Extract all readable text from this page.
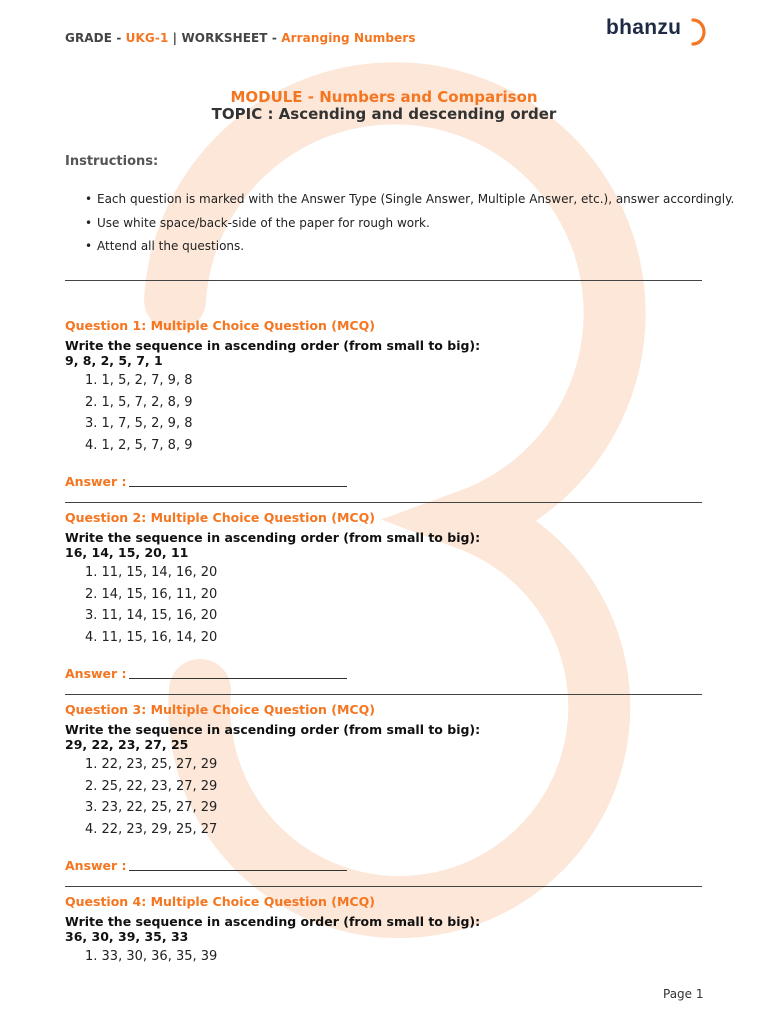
GRADE - UKG-1 | WORKSHEET - Arranging Numbers	bhanzu
MODULE - Numbers and Comparison
TOPIC : Ascending and descending order
Instructions:
• Each question is marked with the Answer Type (Single Answer, Multiple Answer, etc.), answer accordingly.
• Use white space/back-side of the paper for rough work.
• Attend all the questions.
Question 1: Multiple Choice Question (MCQ)
Write the sequence in ascending order (from small to big):
9, 8, 2, 5, 7, 1
1. 1, 5, 2, 7, 9, 8
2. 1, 5, 7, 2, 8, 9
3. 1, 7, 5, 2, 9, 8
4. 1, 2, 5, 7, 8, 9
Answer :
Question 2: Multiple Choice Question (MCQ)
Write the sequence in ascending order (from small to big):
16, 14, 15, 20, 11
1. 11, 15, 14, 16, 20
2. 14, 15, 16, 11, 20
3. 11, 14, 15, 16, 20
4. 11, 15, 16, 14, 20
Answer :
Question 3: Multiple Choice Question (MCQ)
Write the sequence in ascending order (from small to big):
29, 22, 23, 27, 25
1. 22, 23, 25, 27, 29
2. 25, 22, 23, 27, 29
3. 23, 22, 25, 27, 29
4. 22, 23, 29, 25, 27
Answer :
Question 4: Multiple Choice Question (MCQ)
Write the sequence in ascending order (from small to big):
36, 30, 39, 35, 33
1. 33, 30, 36, 35, 39
Page 1
